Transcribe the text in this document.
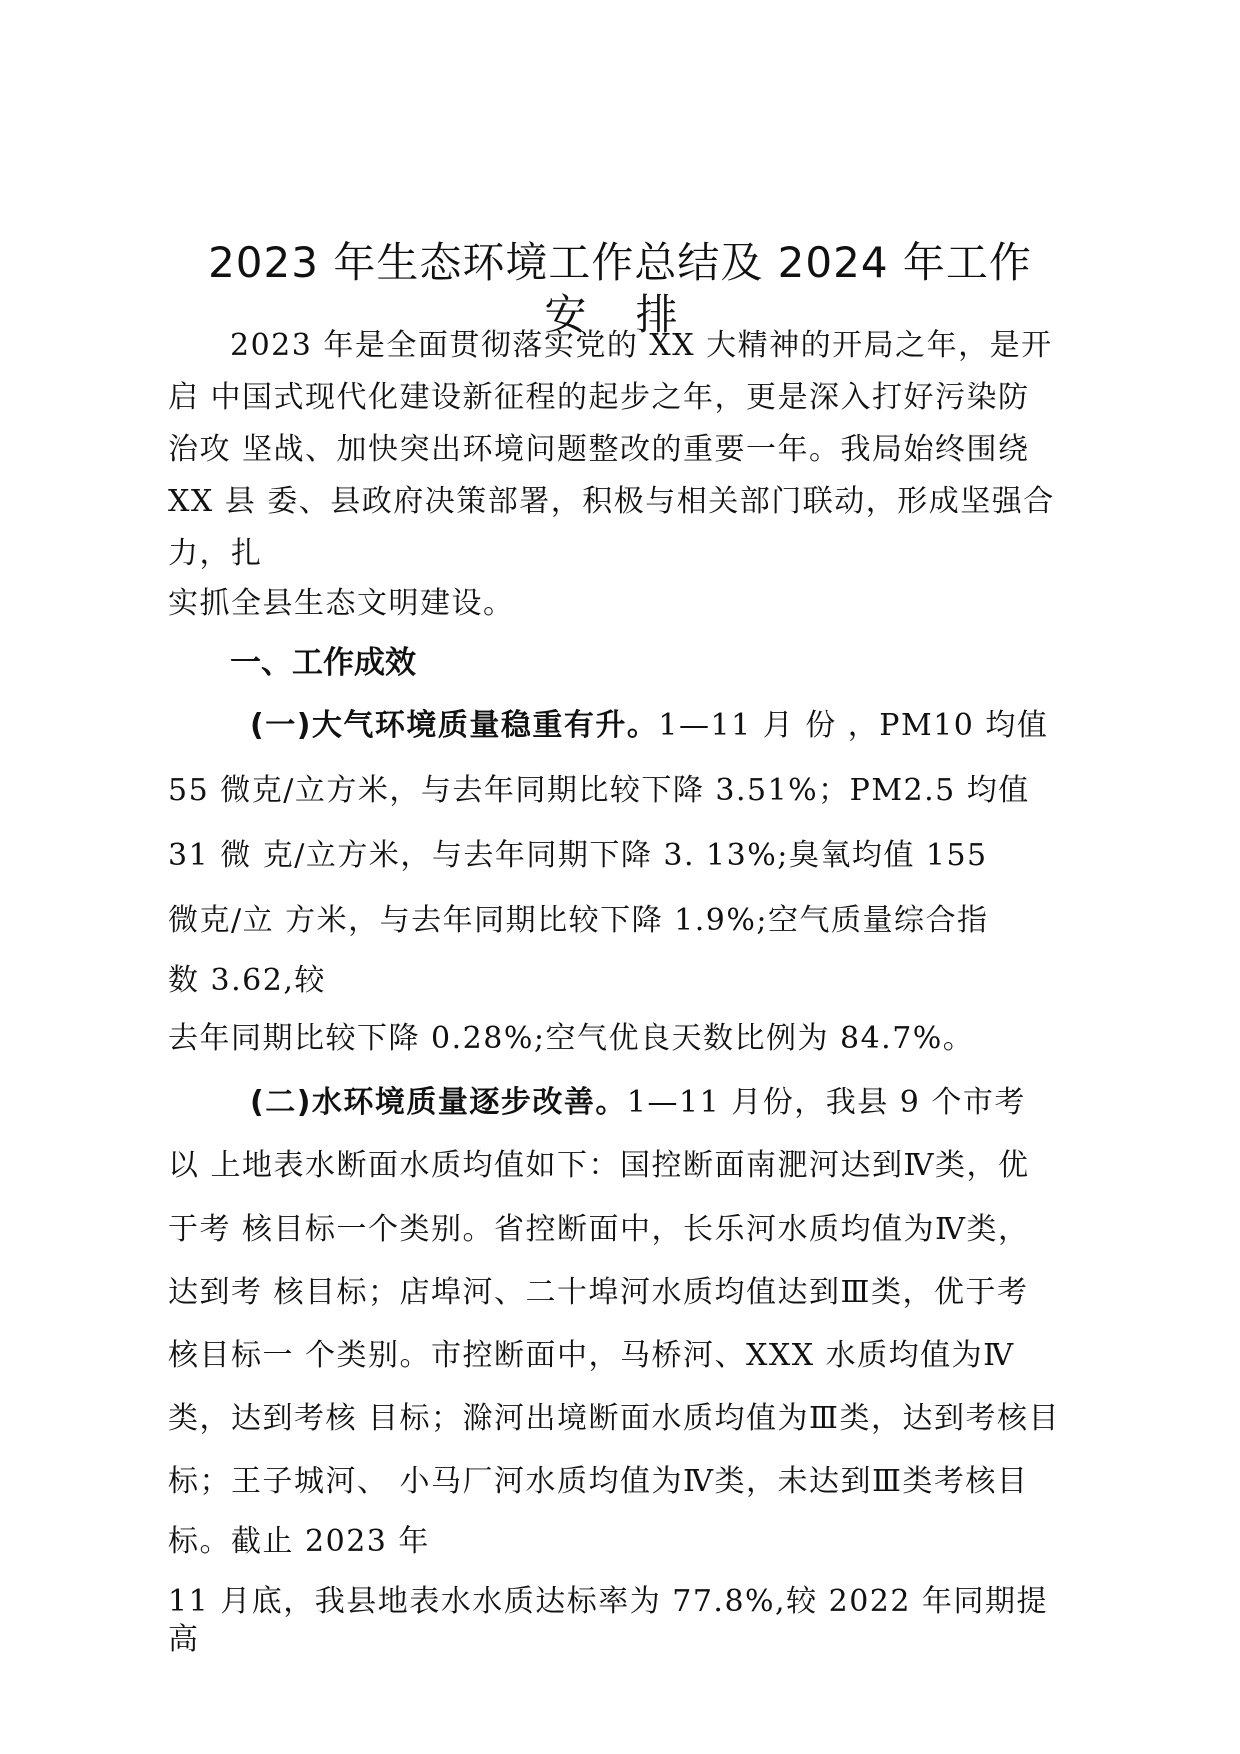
2023 年生态环境工作总结及 2024 年工作
安 排
2023 年是全面贯彻落实党的 XX 大精神的开局之年，是开
启 中国式现代化建设新征程的起步之年，更是深入打好污染防
治攻 坚战、加快突出环境问题整改的重要一年。我局始终围绕
XX 县 委、县政府决策部署，积极与相关部门联动，形成坚强合
力，扎
实抓全县生态文明建设。
一、工作成效
(一)大气环境质量稳重有升。1—11 月 份 ，PM10 均值
55 微克/立方米，与去年同期比较下降 3.51%；PM2.5 均值
31 微 克/立方米，与去年同期下降 3. 13%;臭氧均值 155
微克/立 方米，与去年同期比较下降 1.9%;空气质量综合指
数 3.62,较
去年同期比较下降 0.28%;空气优良天数比例为 84.7%。
(二)水环境质量逐步改善。1—11 月份，我县 9 个市考
以 上地表水断面水质均值如下：国控断面南淝河达到Ⅳ类，优
于考 核目标一个类别。省控断面中，长乐河水质均值为Ⅳ类，
达到考 核目标；店埠河、二十埠河水质均值达到Ⅲ类，优于考
核目标一 个类别。市控断面中，马桥河、XXX 水质均值为Ⅳ
类，达到考核 目标；滁河出境断面水质均值为Ⅲ类，达到考核目
标；王子城河、 小马厂河水质均值为Ⅳ类，未达到Ⅲ类考核目
标。截止 2023 年
11 月底，我县地表水水质达标率为 77.8%,较 2022 年同期提
高
